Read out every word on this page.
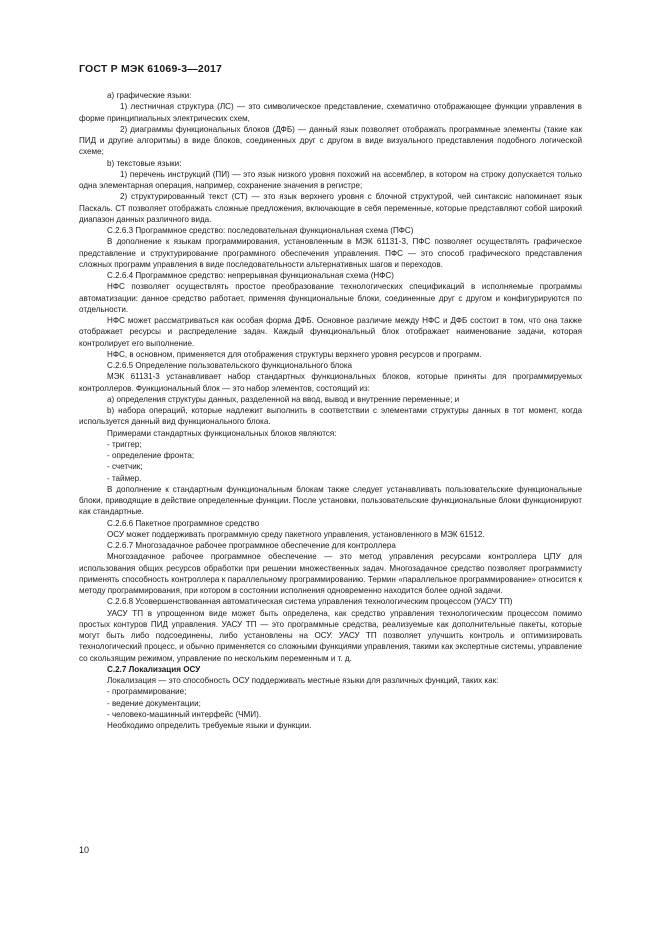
ГОСТ Р МЭК 61069-3—2017

a) графические языки:

1) лестничная структура (ЛС) — это символическое представление, схематично отображающее функции управления в форме принципиальных электрических схем,

2) диаграммы функциональных блоков (ДФБ) — данный язык позволяет отображать программные элементы (такие как ПИД и другие алгоритмы) в виде блоков, соединенных друг с другом в виде визуального представления подобного логической схеме;

b) текстовые языки:

1) перечень инструкций (ПИ) — это язык низкого уровня похожий на ассемблер, в котором на строку допускается только одна элементарная операция, например, сохранение значения в регистре;

2) структурированный текст (СТ) — это язык верхнего уровня с блочной структурой, чей синтаксис напоминает язык Паскаль. СТ позволяет отображать сложные предложения, включающие в себя переменные, которые представляют собой широкий диапазон данных различного вида.

С.2.6.3 Программное средство: последовательная функциональная схема (ПФС)

В дополнение к языкам программирования, установленным в МЭК 61131-3, ПФС позволяет осуществлять графическое представление и структурирование программного обеспечения управления. ПФС — это способ графического представления сложных программ управления в виде последовательности альтернативных шагов и переходов.

С.2.6.4 Программное средство: непрерывная функциональная схема (НФС)

НФС позволяет осуществлять простое преобразование технологических спецификаций в исполняемые программы автоматизации: данное средство работает, применяя функциональные блоки, соединенные друг с другом и конфигурируются по отдельности.

НФС может рассматриваться как особая форма ДФБ. Основное различие между НФС и ДФБ состоит в том, что она также отображает ресурсы и распределение задач. Каждый функциональный блок отображает наименование задачи, которая контролирует его выполнение.

НФС, в основном, применяется для отображения структуры верхнего уровня ресурсов и программ.

С.2.6.5 Определение пользовательского функционального блока

МЭК 61131-3 устанавливает набор стандартных функциональных блоков, которые приняты для программируемых контроллеров. Функциональный блок — это набор элементов, состоящий из:

a) определения структуры данных, разделенной на ввод, вывод и внутренние переменные; и

b) набора операций, которые надлежит выполнить в соответствии с элементами структуры данных в тот момент, когда используется данный вид функционального блока.

Примерами стандартных функциональных блоков являются:

- триггер;

- определение фронта;

- счетчик;

- таймер.

В дополнение к стандартным функциональным блокам также следует устанавливать пользовательские функциональные блоки, приводящие в действие определенные функции. После установки, пользовательские функциональные блоки функционируют как стандартные.

С.2.6.6 Пакетное программное средство

ОСУ может поддерживать программную среду пакетного управления, установленного в МЭК 61512.

С.2.6.7 Многозадачное рабочее программное обеспечение для контроллера

Многозадачное рабочее программное обеспечение — это метод управления ресурсами контроллера ЦПУ для использования общих ресурсов обработки при решении множественных задач. Многозадачное средство позволяет программисту применять способность контроллера к параллельному программированию. Термин «параллельное программирование» относится к методу программирования, при котором в состоянии исполнения одновременно находится более одной задачи.

С.2.6.8 Усовершенствованная автоматическая система управления технологическим процессом (УАСУ ТП)

УАСУ ТП в упрощенном виде может быть определена, как средство управления технологическим процессом помимо простых контуров ПИД управления. УАСУ ТП — это программные средства, реализуемые как дополнительные пакеты, которые могут быть либо подсоединены, либо установлены на ОСУ. УАСУ ТП позволяет улучшить контроль и оптимизировать технологический процесс, и обычно применяется со сложными функциями управления, такими как экспертные системы, управление со скользящим режимом, управление по нескольким переменным и т. д.

С.2.7 Локализация ОСУ

Локализация — это способность ОСУ поддерживать местные языки для различных функций, таких как:

- программирование;

- ведение документации;

- человеко-машинный интерфейс (ЧМИ).

Необходимо определить требуемые языки и функции.

10
